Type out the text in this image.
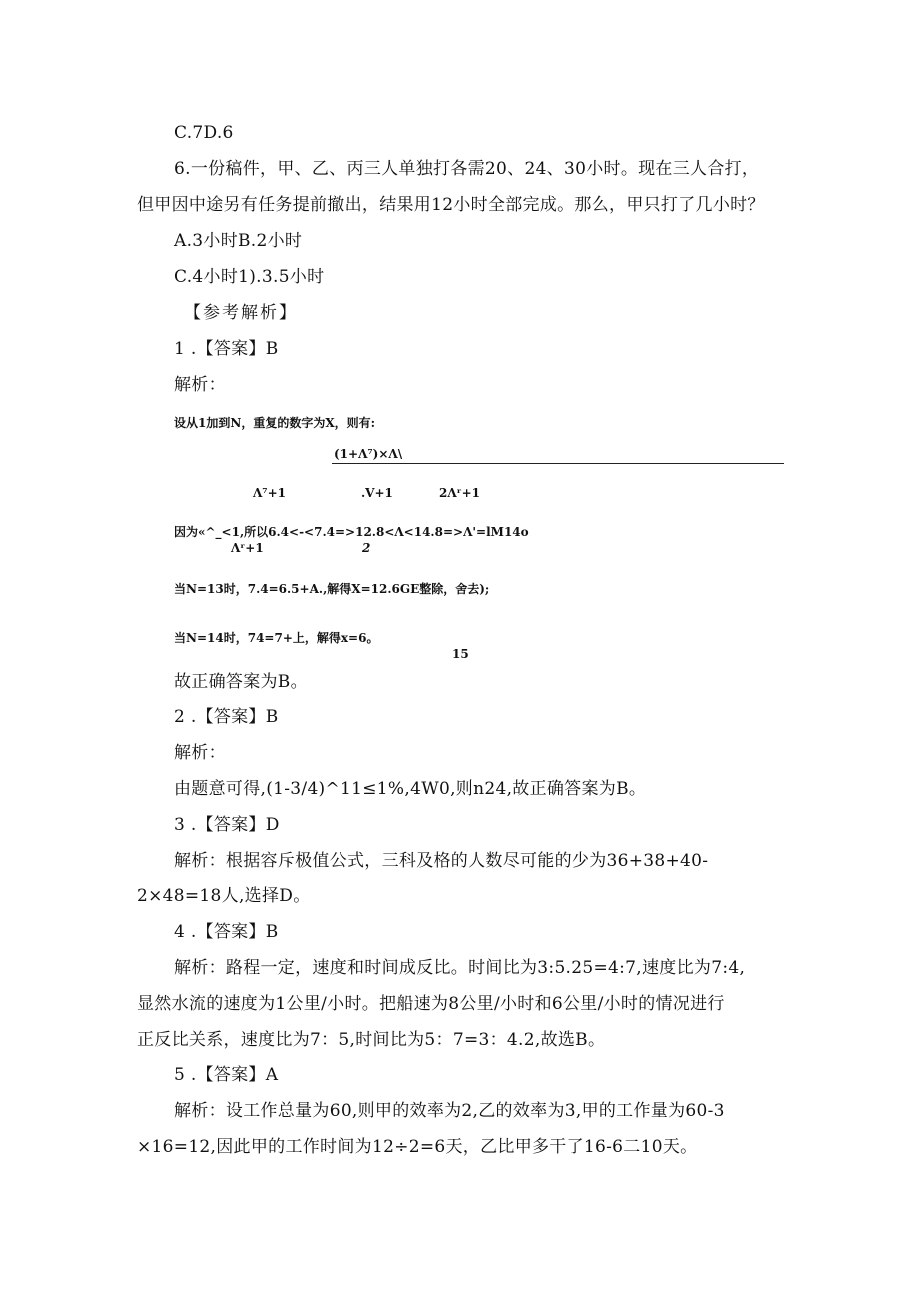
C.7D.6
6.一份稿件，甲、乙、丙三人单独打各需20、24、30小时。现在三人合打，
但甲因中途另有任务提前撤出，结果用12小时全部完成。那么，甲只打了几小时？
A.3小时B.2小时
C.4小时1).3.5小时
【参考解析】
1 .【答案】B
解析：
设从1加到N，重复的数字为X，则有:
(1+Λ⁷)×Λ\
Λ⁷+1	.V+1	2Λʳ+1
因为«^_<1,所以6.4<-<7.4=>12.8<Λ<14.8=>Λ'=lM14o
Λʳ+1	2
当N=13时，7.4=6.5+A.,解得X=12.6GE整除，舍去);
当N=14时，74=7+上，解得x=6。
15
故正确答案为B。
2 .【答案】B
解析：
由题意可得,(1-3/4)^11≤1%,4W0,则n24,故正确答案为B。
3 .【答案】D
解析：根据容斥极值公式，三科及格的人数尽可能的少为36+38+40-
2×48=18人,选择D。
4 .【答案】B
解析：路程一定，速度和时间成反比。时间比为3:5.25=4:7,速度比为7:4,
显然水流的速度为1公里/小时。把船速为8公里/小时和6公里/小时的情况进行
正反比关系，速度比为7：5,时间比为5：7=3：4.2,故选B。
5 .【答案】A
解析：设工作总量为60,则甲的效率为2,乙的效率为3,甲的工作量为60-3
×16=12,因此甲的工作时间为12÷2=6天，乙比甲多干了16-6二10天。
